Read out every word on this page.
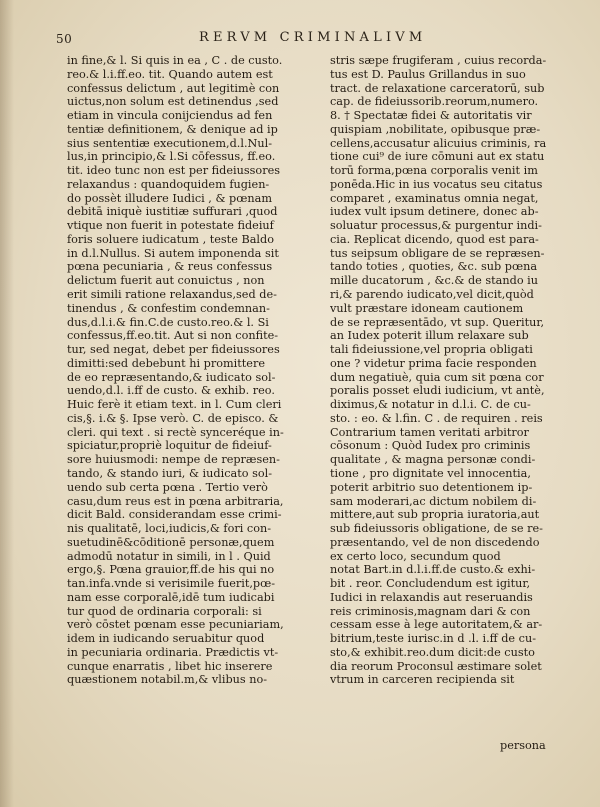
50	RERVM CRIMINALIVM
in fine,& l. Si quis in ea , C . de custo.
reo.& l.i.ff.eo. tit. Quando autem est
confessus delictum , aut legitimè con
uictus,non solum est detinendus ,sed
etiam in vincula conijciendus ad fen
tentiæ definitionem, & denique ad ip
sius sententiæ executionem,d.l.Nul-
lus,in principio,& l.Si cōfessus, ff.eo.
tit. ideo tunc non est per fideiussores
relaxandus : quandoquidem fugien-
do possèt illudere Iudici , & pœnam
debitā iniquè iustitiæ suffurari ,quod
vtique non fuerit in potestate fideiuf
foris soluere iudicatum , teste Baldo
in d.l.Nullus. Si autem imponenda sit
pœna pecuniaria , & reus confessus
delictum fuerit aut conuictus , non
erit simili ratione relaxandus,sed de-
tinendus , & confestim condemnan-
dus,d.l.i.& fin.C.de custo.reo.& l. Si
confessus,ff.eo.tit. Aut si non confite-
tur, sed negat, debet per fideiussores
dimitti:sed debebunt hi promittere
de eo repræsentando,& iudicato sol-
uendo,d.l. i.ff de custo. & exhib. reo.
Huic ferè it etiam text. in l. Cum cleri
cis,§. i.& §. Ipse verò. C. de episco. &
cleri. qui text . si rectè synceréque in-
spiciatur,propriè loquitur de fideiuf-
sore huiusmodi: nempe de repræsen-
tando, & stando iuri, & iudicato sol-
uendo sub certa pœna . Tertio verò
casu,dum reus est in pœna arbitraria,
dicit Bald. considerandam esse crimi-
nis qualitatē, loci,iudicis,& fori con-
suetudinē&cōditionē personæ,quem
admodū notatur in simili, in l . Quid
ergo,§. Pœna grauior,ff.de his qui no
tan.infa.vnde si verisimile fuerit,pœ-
nam esse corporalē,idē tum iudicabi
tur quod de ordinaria corporali: si
verò cōstet pœnam esse pecuniariam,
idem in iudicando seruabitur quod
in pecuniaria ordinaria. Prædictis vt-
cunque enarratis , libet hic inserere
quæstionem notabil.m,& vlibus no-
stris sæpe frugiferam , cuius recorda-
tus est D. Paulus Grillandus in suo
tract. de relaxatione carceratorū, sub
cap. de fideiussorib.reorum,numero.
8. † Spectatæ fidei & autoritatis vir
quispiam ,nobilitate, opibusque præ-
cellens,accusatur alicuius criminis, ra
tione cui⁹ de iure cōmuni aut ex statu
torū forma,pœna corporalis venit im
ponēda.Hic in ius vocatus seu citatus
comparet , examinatus omnia negat,
iudex vult ipsum detinere, donec ab-
soluatur processus,& purgentur indi-
cia. Replicat dicendo, quod est para-
tus seipsum obligare de se repræsen-
tando toties , quoties, &c. sub pœna
mille ducatorum , &c.& de stando iu
ri,& parendo iudicato,vel dicit,quòd
vult præstare idoneam cautionem
de se repræsentādo, vt sup. Queritur,
an Iudex poterit illum relaxare sub
tali fideiussione,vel propria obligati
one ? videtur prima facie responden
dum negatiuè, quia cum sit pœna cor
poralis posset eludi iudicium, vt antè,
diximus,& notatur in d.l.i. C. de cu-
sto. : eo. & l.fin. C . de requiren . reis
Contrarium tamen veritati arbitror
cōsonum : Quòd Iudex pro criminis
qualitate , & magna personæ condi-
tione , pro dignitate vel innocentia,
poterit arbitrio suo detentionem ip-
sam moderari,ac dictum nobilem di-
mittere,aut sub propria iuratoria,aut
sub fideiussoris obligatione, de se re-
præsentando, vel de non discedendo
ex certo loco, secundum quod
notat Bart.in d.l.i.ff.de custo.& exhi-
bit . reor. Concludendum est igitur,
Iudici in relaxandis aut reseruandis
reis criminosis,magnam dari & con
cessam esse à lege autoritatem,& ar-
bitrium,teste iurisc.in d .l. i.ff de cu-
sto,& exhibit.reo.dum dicit:de custo
dia reorum Proconsul æstimare solet
vtrum in carceren recipienda sit
persona
